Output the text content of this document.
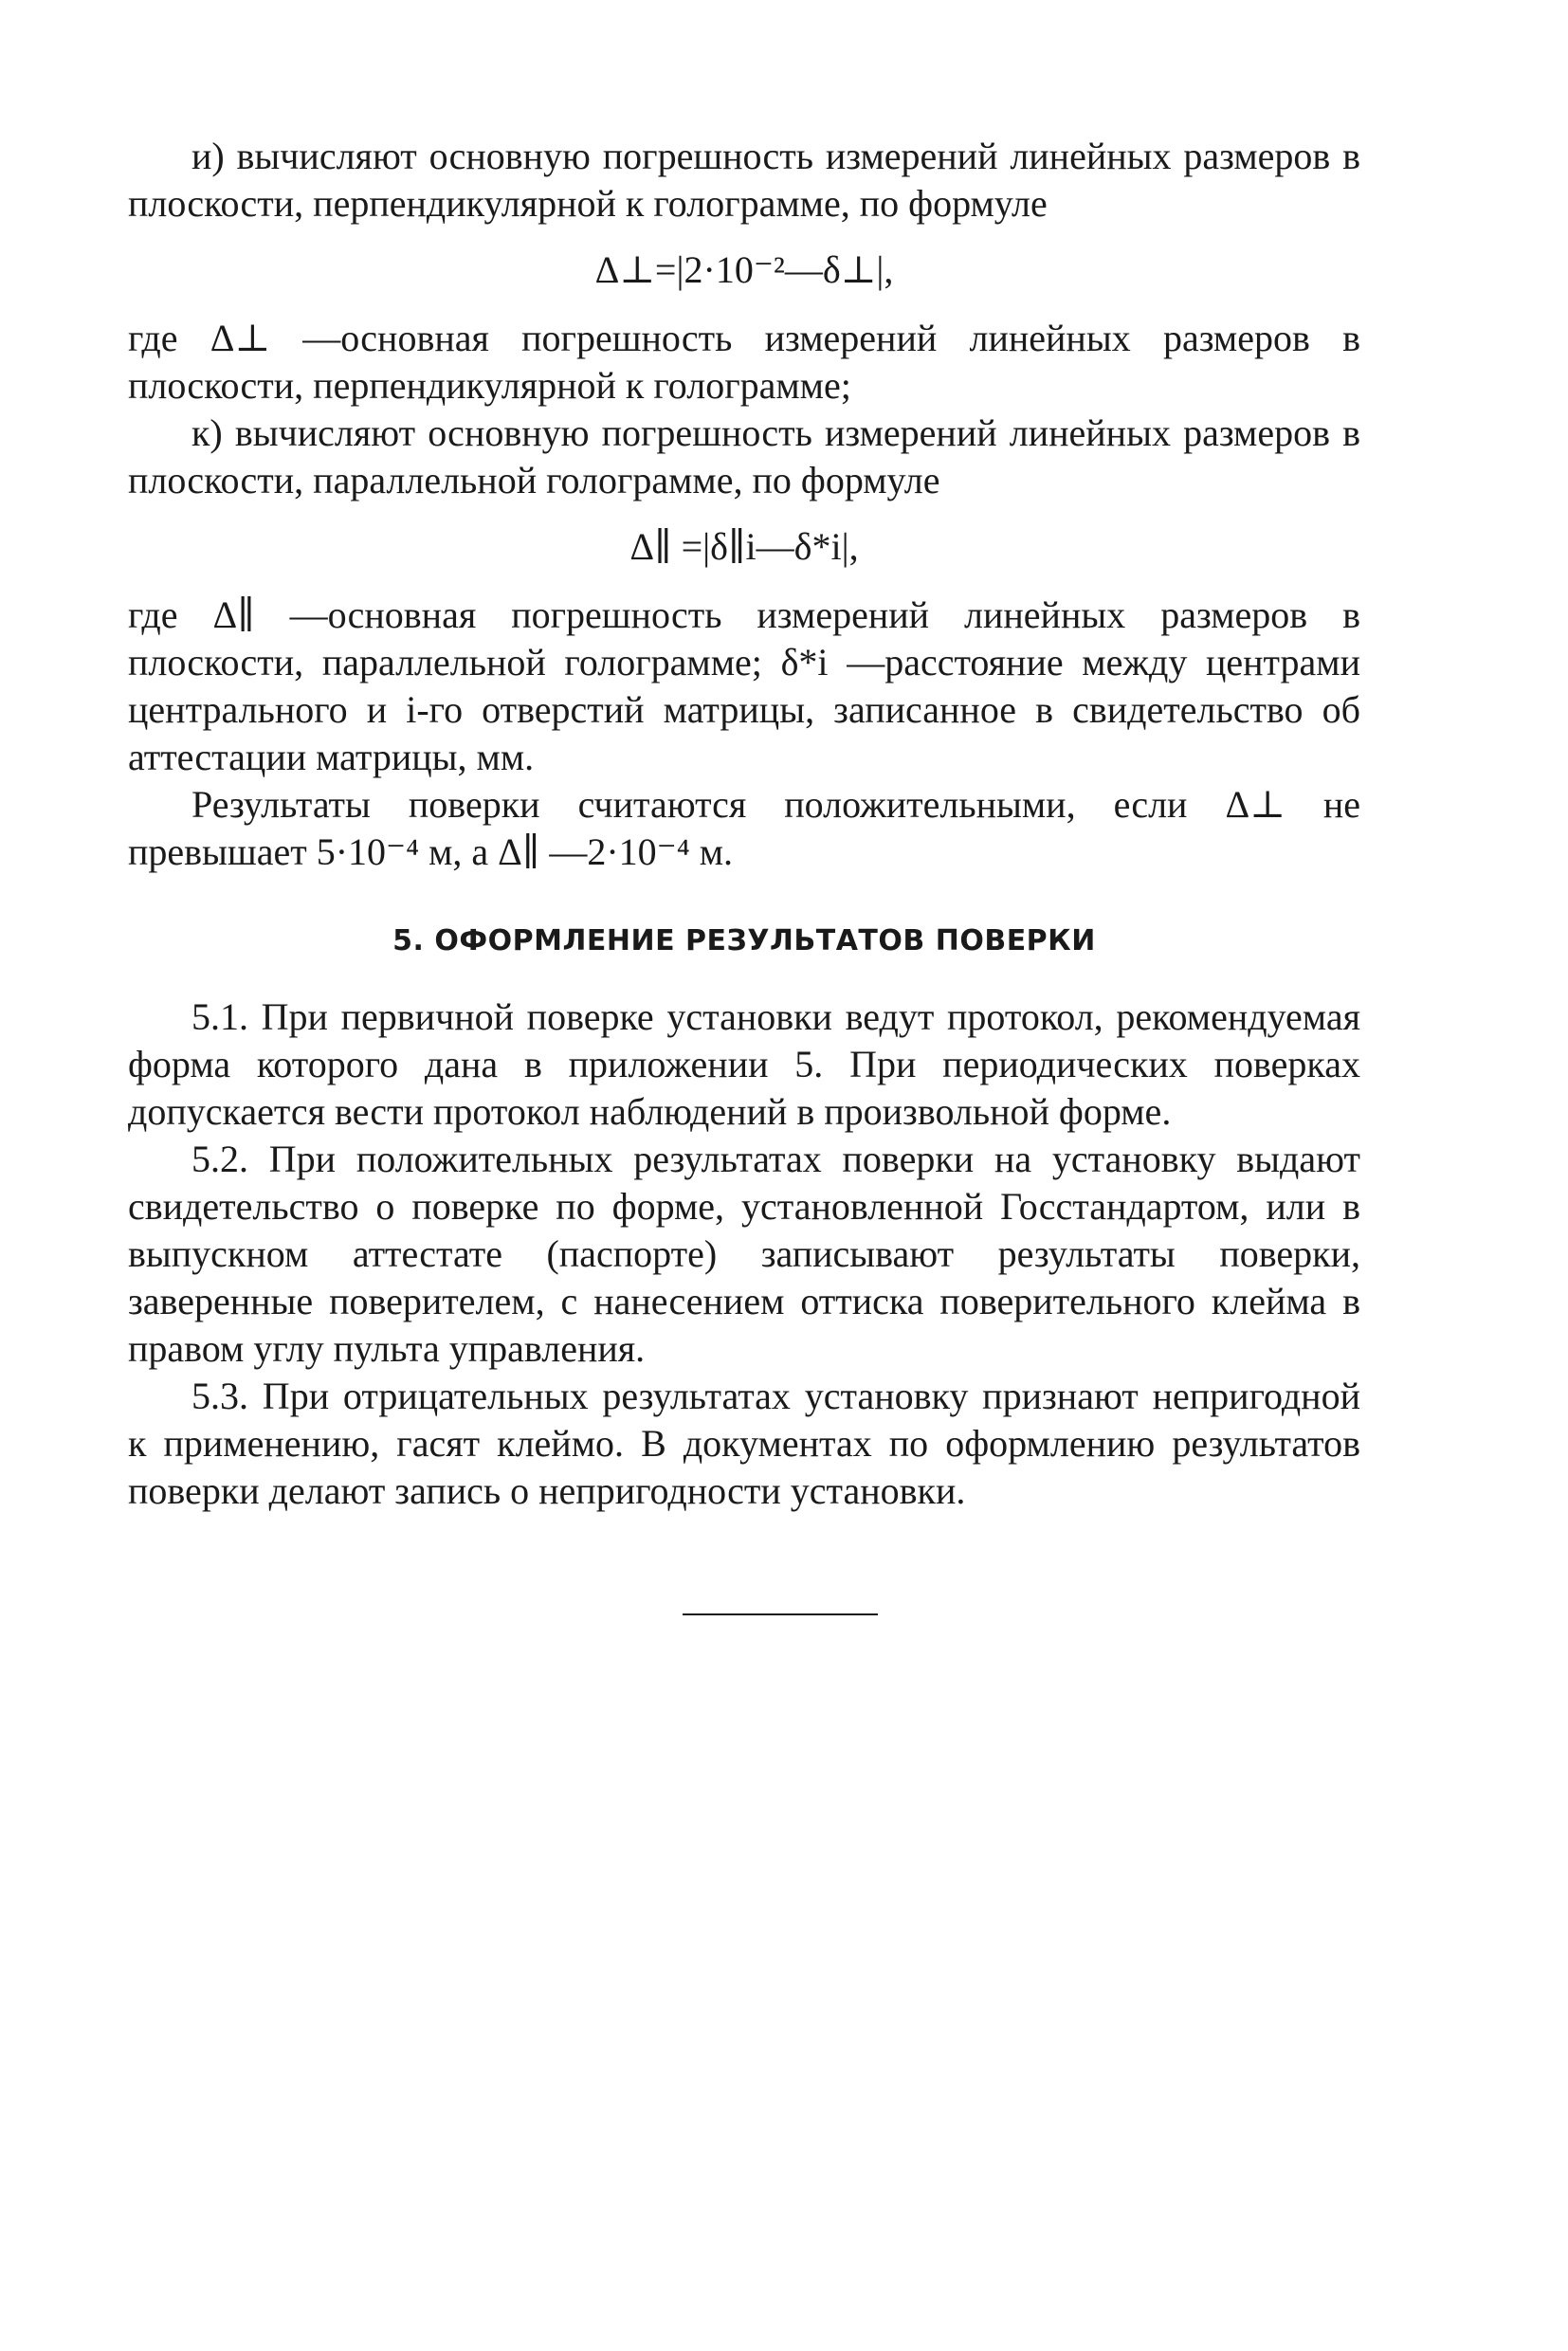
и) вычисляют основную погрешность измерений линейных размеров в плоскости, перпендикулярной к голограмме, по формуле

Δ⊥=|2·10⁻²—δ⊥|,

где Δ⊥ —основная погрешность измерений линейных размеров в плоскости, перпендикулярной к голограмме;

к) вычисляют основную погрешность измерений линейных размеров в плоскости, параллельной голограмме, по формуле

Δ∥ =|δ∥i—δ*i|,

где Δ∥ —основная погрешность измерений линейных размеров в плоскости, параллельной голограмме; δ*i —расстояние между центрами центрального и i-го отверстий матрицы, записанное в свидетельство об аттестации матрицы, мм.

Результаты поверки считаются положительными, если Δ⊥ не превышает 5·10⁻⁴ м, а Δ∥ —2·10⁻⁴ м.

5. ОФОРМЛЕНИЕ РЕЗУЛЬТАТОВ ПОВЕРКИ

5.1. При первичной поверке установки ведут протокол, рекомендуемая форма которого дана в приложении 5. При периодических поверках допускается вести протокол наблюдений в произвольной форме.

5.2. При положительных результатах поверки на установку выдают свидетельство о поверке по форме, установленной Госстандартом, или в выпускном аттестате (паспорте) записывают результаты поверки, заверенные поверителем, с нанесением оттиска поверительного клейма в правом углу пульта управления.

5.3. При отрицательных результатах установку признают непригодной к применению, гасят клеймо. В документах по оформлению результатов поверки делают запись о непригодности установки.
